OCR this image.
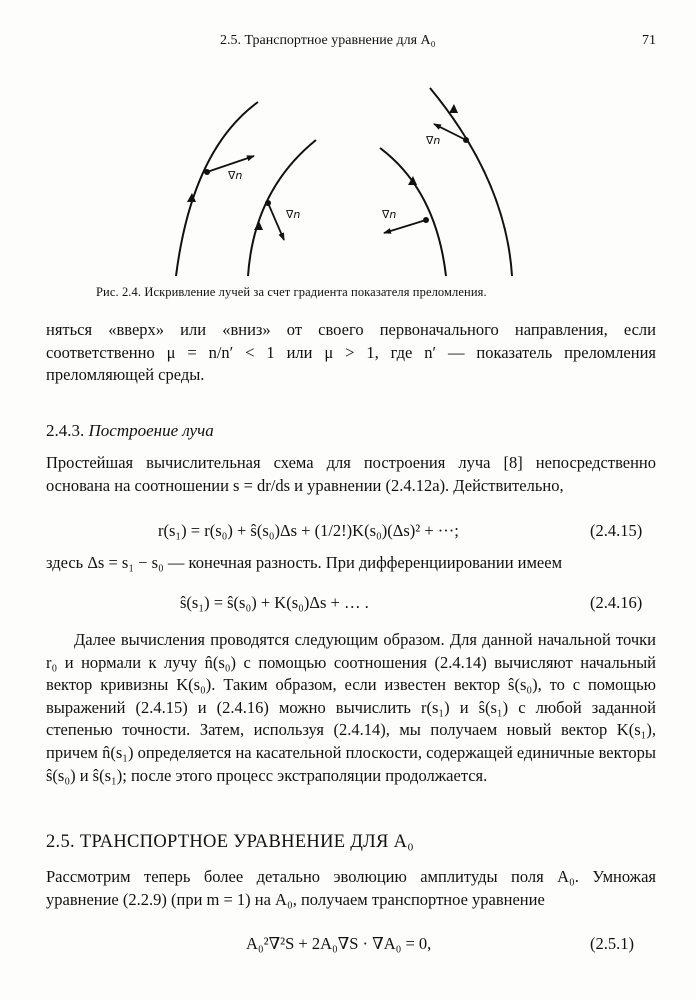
2.5. Транспортное уравнение для A₀	71
∇n
∇n	∇n
∇n
Рис. 2.4. Искривление лучей за счет градиента показателя преломления.

няться «вверх» или «вниз» от своего первоначального направления, если соответственно μ = n/n′ < 1 или μ > 1, где n′ — показатель преломления преломляющей среды.

2.4.3. Построение луча

Простейшая вычислительная схема для построения луча [8] непосредственно основана на соотношении s = dr/ds и уравнении (2.4.12a). Действительно,

r(s₁) = r(s₀) + ŝ(s₀)Δs + (1/2!)K(s₀)(Δs)² + ···;	(2.4.15)

здесь Δs = s₁ − s₀ — конечная разность. При дифференциировании имеем

ŝ(s₁) = ŝ(s₀) + K(s₀)Δs + … .	(2.4.16)

Далее вычисления проводятся следующим образом. Для данной начальной точки r₀ и нормали к лучу n̂(s₀) с помощью соотношения (2.4.14) вычисляют начальный вектор кривизны K(s₀). Таким образом, если известен вектор ŝ(s₀), то с помощью выражений (2.4.15) и (2.4.16) можно вычислить r(s₁) и ŝ(s₁) с любой заданной степенью точности. Затем, используя (2.4.14), мы получаем новый вектор K(s₁), причем n̂(s₁) определяется на касательной плоскости, содержащей единичные векторы ŝ(s₀) и ŝ(s₁); после этого процесс экстраполяции продолжается.

2.5. ТРАНСПОРТНОЕ УРАВНЕНИЕ ДЛЯ A₀

Рассмотрим теперь более детально эволюцию амплитуды поля A₀. Умножая уравнение (2.2.9) (при m = 1) на A₀, получаем транспортное уравнение

A₀²∇²S + 2A₀∇S · ∇A₀ = 0,	(2.5.1)
